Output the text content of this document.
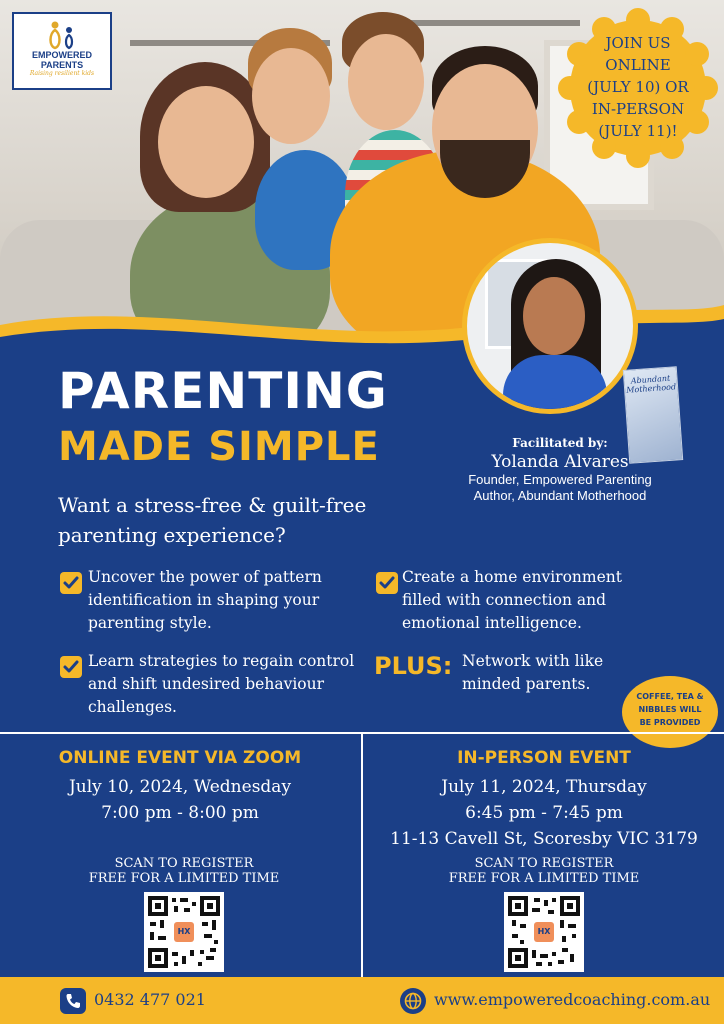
EMPOWERED
PARENTS
Raising resilient kids
JOIN US
ONLINE
(JULY 10) OR
IN-PERSON
(JULY 11)!
Abundant Motherhood
Facilitated by:
Yolanda Alvares
Founder, Empowered Parenting
Author, Abundant Motherhood
PARENTING
MADE SIMPLE
Want a stress-free & guilt-free parenting experience?
Uncover the power of pattern identification in shaping your parenting style.
Create a home environment filled with connection and emotional intelligence.
Learn strategies to regain control and shift undesired behaviour challenges.
PLUS: Network with like minded parents.
COFFEE, TEA &
NIBBLES WILL
BE PROVIDED
ONLINE EVENT VIA ZOOM
July 10, 2024, Wednesday
7:00 pm - 8:00 pm
IN-PERSON EVENT
July 11, 2024, Thursday
6:45 pm - 7:45 pm
11-13 Cavell St, Scoresby VIC 3179
SCAN TO REGISTER
FREE FOR A LIMITED TIME
SCAN TO REGISTER
FREE FOR A LIMITED TIME
HX	HX
0432 477 021	www.empoweredcoaching.com.au
